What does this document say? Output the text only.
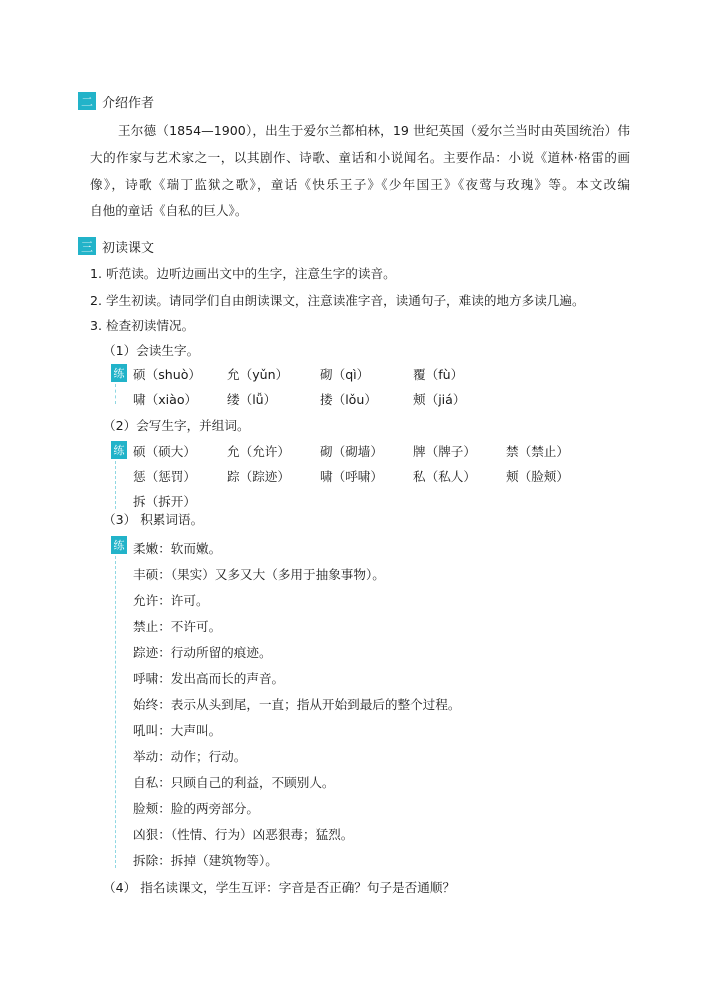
二 介绍作者
王尔德（1854—1900），出生于爱尔兰都柏林，19 世纪英国（爱尔兰当时由英国统治）伟
大的作家与艺术家之一，以其剧作、诗歌、童话和小说闻名。主要作品：小说《道林·格雷的画
像》，诗歌《瑞丁监狱之歌》，童话《快乐王子》《少年国王》《夜莺与玫瑰》等。本文改编
自他的童话《自私的巨人》。
三 初读课文
1. 听范读。边听边画出文中的生字，注意生字的读音。
2. 学生初读。请同学们自由朗读课文，注意读准字音，读通句子，难读的地方多读几遍。
3. 检查初读情况。
（1）会读生字。
练 硕（shuò） 允（yǔn）	砌（qì）	覆（fù）
啸（xiào） 缕（lǚ）	搂（lǒu）	颊（jiá）
（2）会写生字，并组词。
练 硕（硕大） 允（允许） 砌（砌墙） 牌（牌子） 禁（禁止）
惩（惩罚） 踪（踪迹） 啸（呼啸） 私（私人） 颊（脸颊）
拆（拆开）
（3） 积累词语。
练 柔嫩：软而嫩。
丰硕：（果实）又多又大（多用于抽象事物）。
允许：许可。
禁止：不许可。
踪迹：行动所留的痕迹。
呼啸：发出高而长的声音。
始终：表示从头到尾，一直；指从开始到最后的整个过程。
吼叫：大声叫。
举动：动作；行动。
自私：只顾自己的利益，不顾别人。
脸颊：脸的两旁部分。
凶狠：（性情、行为）凶恶狠毒；猛烈。
拆除：拆掉（建筑物等）。
（4） 指名读课文，学生互评：字音是否正确？句子是否通顺？
